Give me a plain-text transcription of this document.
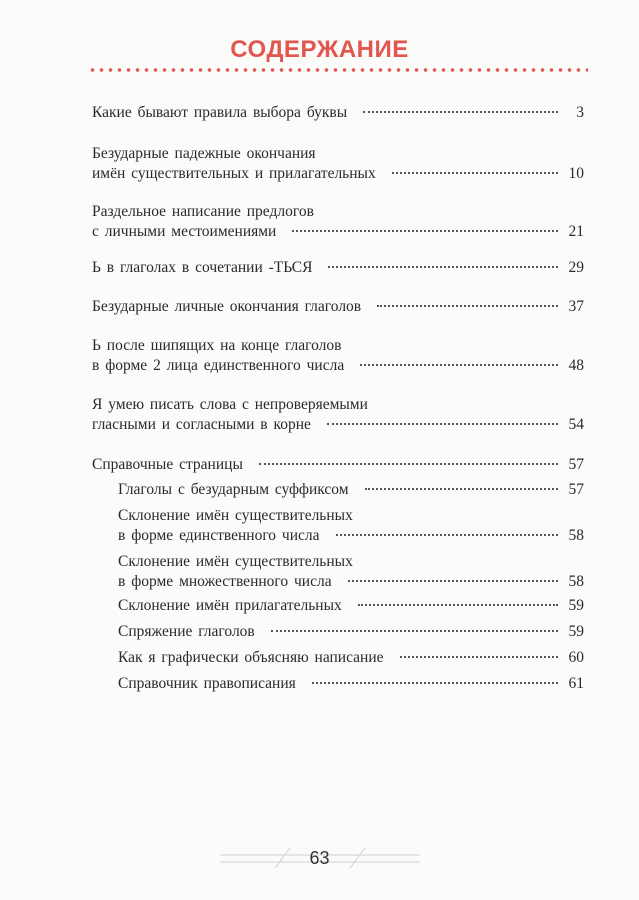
СОДЕРЖАНИЕ
Какие бывают правила выбора буквы	3
Безударные падежные окончания
имён существительных и прилагательных	10
Раздельное написание предлогов
с личными местоимениями	21
Ь в глаголах в сочетании -ТЬСЯ	29
Безударные личные окончания глаголов	37
Ь после шипящих на конце глаголов
в форме 2 лица единственного числа	48
Я умею писать слова с непроверяемыми
гласными и согласными в корне	54
Справочные страницы	57
Глаголы с безударным суффиксом	57
Склонение имён существительных
в форме единственного числа	58
Склонение имён существительных
в форме множественного числа	58
Склонение имён прилагательных	59
Спряжение глаголов	59
Как я графически объясняю написание	60
Справочник правописания	61
63
